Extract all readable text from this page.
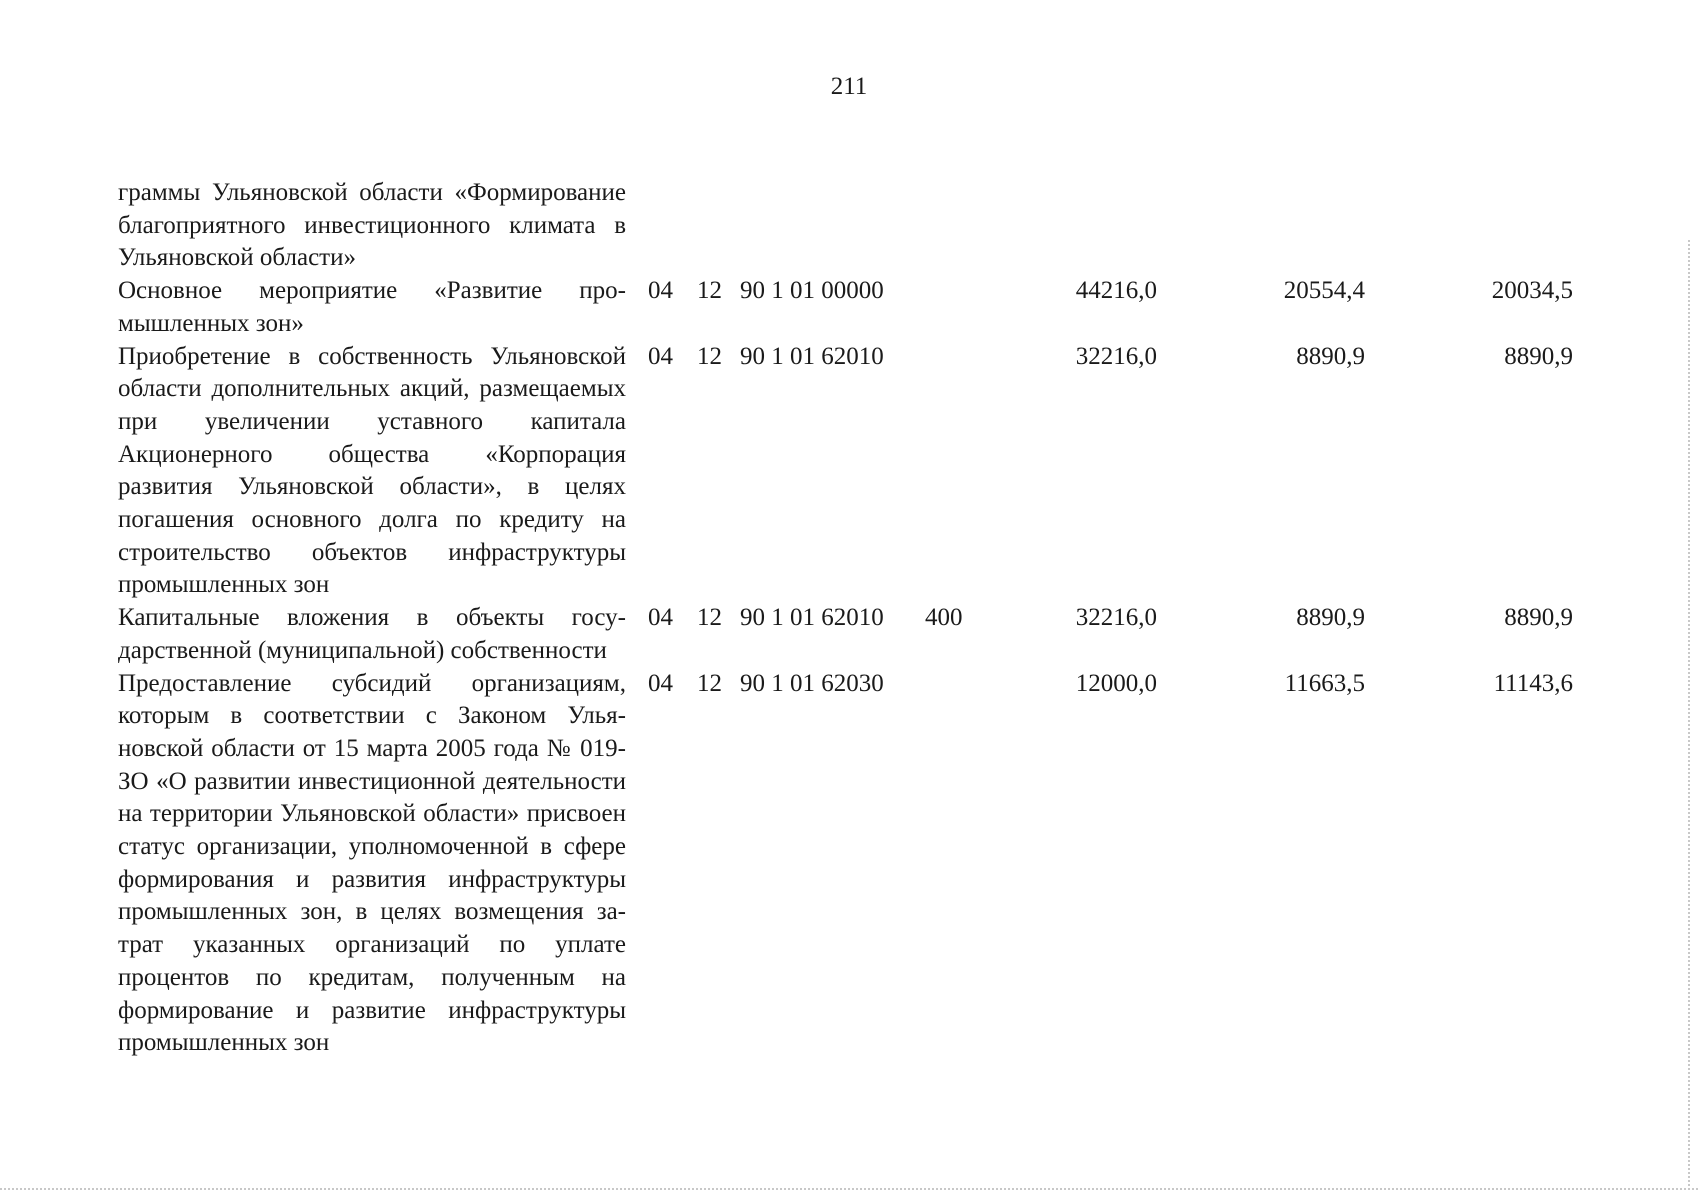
211
граммы Ульяновской области «Формирование благоприятного инвестиционного климата в Ульяновской области»							
Основное мероприятие «Развитие промышленных зон»	04	12	90 1 01 00000		44216,0	20554,4	20034,5
Приобретение в собственность Ульяновской области дополнительных акций, размещаемых при увеличении уставного капитала Акционерного общества «Корпорация развития Ульяновской области», в целях погашения основного долга по кредиту на строительство объектов инфраструктуры промышленных зон	04	12	90 1 01 62010		32216,0	8890,9	8890,9
Капитальные вложения в объекты государственной (муниципальной) собственности	04	12	90 1 01 62010	400	32216,0	8890,9	8890,9
Предоставление субсидий организациям, которым в соответствии с Законом Ульяновской области от 15 марта 2005 года № 019-ЗО «О развитии инвестиционной деятельности на территории Ульяновской области» присвоен статус организации, уполномоченной в сфере формирования и развития инфраструктуры промышленных зон, в целях возмещения затрат указанных организаций по уплате процентов по кредитам, полученным на формирование и развитие инфраструктуры промышленных зон	04	12	90 1 01 62030		12000,0	11663,5	11143,6
